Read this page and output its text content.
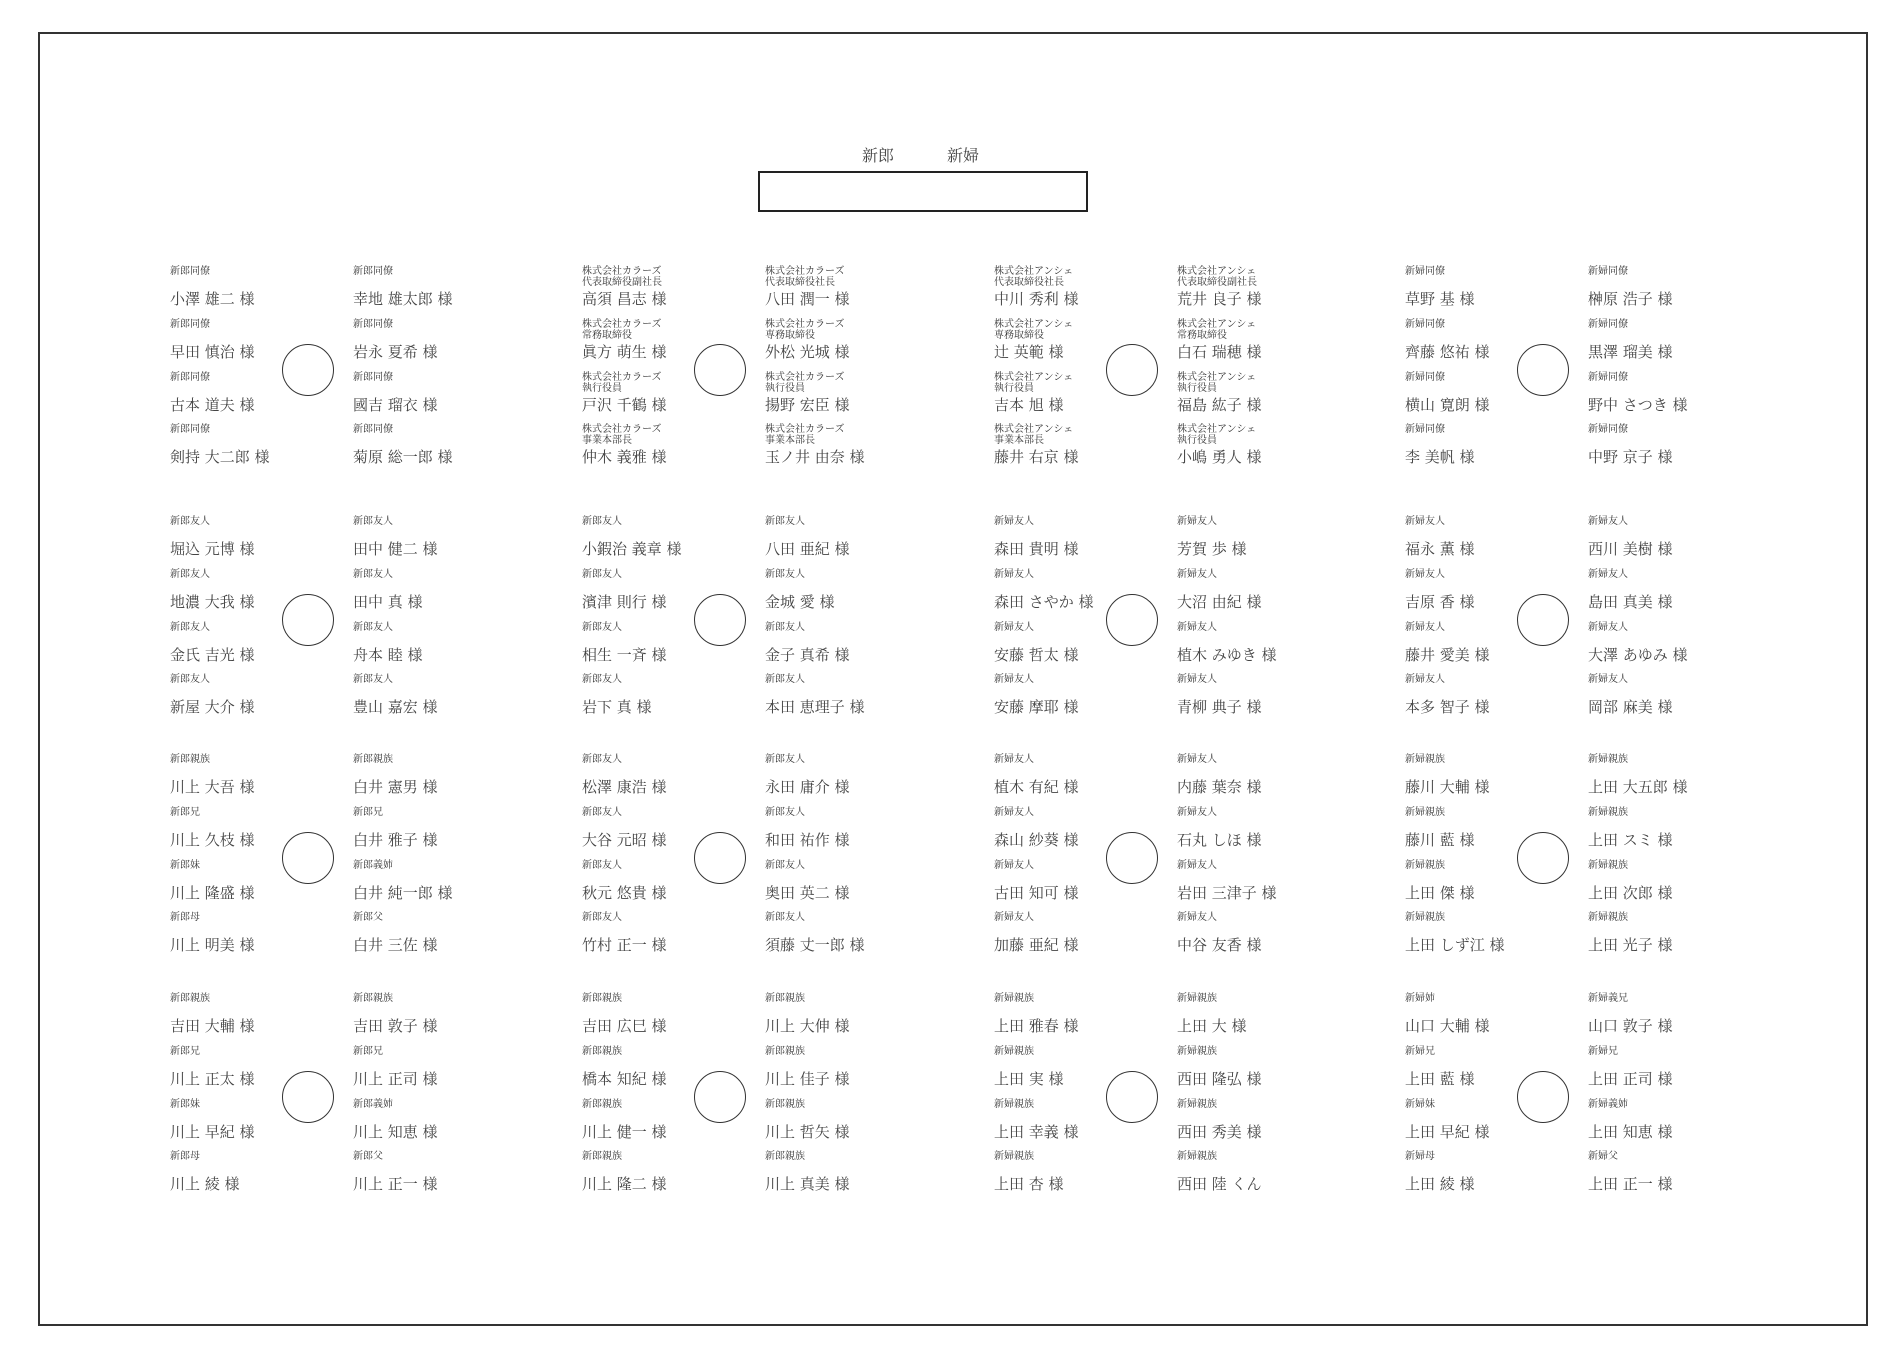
新郎	新婦
新郎同僚
小澤 雄二 様
新郎同僚
早田 慎治 様
新郎同僚
古本 道夫 様
新郎同僚
剣持 大二郎 様
新郎同僚
幸地 雄太郎 様
新郎同僚
岩永 夏希 様
新郎同僚
國吉 瑠衣 様
新郎同僚
菊原 総一郎 様
株式会社カラーズ
代表取締役副社長
高須 昌志 様
株式会社カラーズ
常務取締役
眞方 萌生 様
株式会社カラーズ
執行役員
戸沢 千鶴 様
株式会社カラーズ
事業本部長
仲木 義雅 様
株式会社カラーズ
代表取締役社長
八田 潤一 様
株式会社カラーズ
専務取締役
外松 光城 様
株式会社カラーズ
執行役員
揚野 宏臣 様
株式会社カラーズ
事業本部長
玉ノ井 由奈 様
株式会社アンシェ
代表取締役社長
中川 秀利 様
株式会社アンシェ
専務取締役
辻 英範 様
株式会社アンシェ
執行役員
吉本 旭 様
株式会社アンシェ
事業本部長
藤井 右京 様
株式会社アンシェ
代表取締役副社長
荒井 良子 様
株式会社アンシェ
常務取締役
白石 瑞穂 様
株式会社アンシェ
執行役員
福島 紘子 様
株式会社アンシェ
執行役員
小嶋 勇人 様
新婦同僚
草野 基 様
新婦同僚
齊藤 悠祐 様
新婦同僚
横山 寛朗 様
新婦同僚
李 美帆 様
新婦同僚
榊原 浩子 様
新婦同僚
黒澤 瑠美 様
新婦同僚
野中 さつき 様
新婦同僚
中野 京子 様
新郎友人
堀込 元博 様
新郎友人
地濃 大我 様
新郎友人
金氏 吉光 様
新郎友人
新屋 大介 様
新郎友人
田中 健二 様
新郎友人
田中 真 様
新郎友人
舟本 睦 様
新郎友人
豊山 嘉宏 様
新郎友人
小鍜治 義章 様
新郎友人
濱津 則行 様
新郎友人
相生 一斉 様
新郎友人
岩下 真 様
新郎友人
八田 亜紀 様
新郎友人
金城 愛 様
新郎友人
金子 真希 様
新郎友人
本田 恵理子 様
新婦友人
森田 貴明 様
新婦友人
森田 さやか 様
新婦友人
安藤 哲太 様
新婦友人
安藤 摩耶 様
新婦友人
芳賀 歩 様
新婦友人
大沼 由紀 様
新婦友人
植木 みゆき 様
新婦友人
青柳 典子 様
新婦友人
福永 薫 様
新婦友人
吉原 香 様
新婦友人
藤井 愛美 様
新婦友人
本多 智子 様
新婦友人
西川 美樹 様
新婦友人
島田 真美 様
新婦友人
大澤 あゆみ 様
新婦友人
岡部 麻美 様
新郎親族
川上 大吾 様
新郎兄
川上 久枝 様
新郎妹
川上 隆盛 様
新郎母
川上 明美 様
新郎親族
白井 憲男 様
新郎兄
白井 雅子 様
新郎義姉
白井 純一郎 様
新郎父
白井 三佐 様
新郎友人
松澤 康浩 様
新郎友人
大谷 元昭 様
新郎友人
秋元 悠貴 様
新郎友人
竹村 正一 様
新郎友人
永田 庸介 様
新郎友人
和田 祐作 様
新郎友人
奥田 英二 様
新郎友人
須藤 丈一郎 様
新婦友人
植木 有紀 様
新婦友人
森山 紗葵 様
新婦友人
古田 知可 様
新婦友人
加藤 亜紀 様
新婦友人
内藤 葉奈 様
新婦友人
石丸 しほ 様
新婦友人
岩田 三津子 様
新婦友人
中谷 友香 様
新婦親族
藤川 大輔 様
新婦親族
藤川 藍 様
新婦親族
上田 傑 様
新婦親族
上田 しず江 様
新婦親族
上田 大五郎 様
新婦親族
上田 スミ 様
新婦親族
上田 次郎 様
新婦親族
上田 光子 様
新郎親族
吉田 大輔 様
新郎兄
川上 正太 様
新郎妹
川上 早紀 様
新郎母
川上 綾 様
新郎親族
吉田 敦子 様
新郎兄
川上 正司 様
新郎義姉
川上 知恵 様
新郎父
川上 正一 様
新郎親族
吉田 広巳 様
新郎親族
橋本 知紀 様
新郎親族
川上 健一 様
新郎親族
川上 隆二 様
新郎親族
川上 大伸 様
新郎親族
川上 佳子 様
新郎親族
川上 哲矢 様
新郎親族
川上 真美 様
新婦親族
上田 雅春 様
新婦親族
上田 実 様
新婦親族
上田 幸義 様
新婦親族
上田 杏 様
新婦親族
上田 大 様
新婦親族
西田 隆弘 様
新婦親族
西田 秀美 様
新婦親族
西田 陸 くん
新婦姉
山口 大輔 様
新婦兄
上田 藍 様
新婦妹
上田 早紀 様
新婦母
上田 綾 様
新婦義兄
山口 敦子 様
新婦兄
上田 正司 様
新婦義姉
上田 知恵 様
新婦父
上田 正一 様
